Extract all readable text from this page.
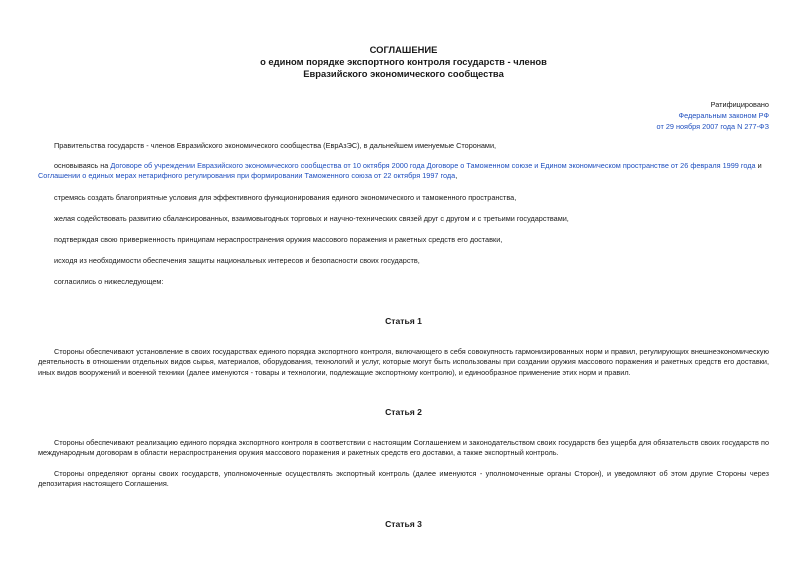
СОГЛАШЕНИЕ
о едином порядке экспортного контроля государств - членов
Евразийского экономического сообщества
Ратифицировано
Федеральным законом РФ
от 29 ноября 2007 года N 277-ФЗ
Правительства государств - членов Евразийского экономического сообщества (ЕврАзЭС), в дальнейшем именуемые Сторонами,
основываясь на Договоре об учреждении Евразийского экономического сообщества от 10 октября 2000 года Договоре о Таможенном союзе и Едином экономическом пространстве от 26 февраля 1999 года и Соглашении о единых мерах нетарифного регулирования при формировании Таможенного союза от 22 октября 1997 года,
стремясь создать благоприятные условия для эффективного функционирования единого экономического и таможенного пространства,
желая содействовать развитию сбалансированных, взаимовыгодных торговых и научно-технических связей друг с другом и с третьими государствами,
подтверждая свою приверженность принципам нераспространения оружия массового поражения и ракетных средств его доставки,
исходя из необходимости обеспечения защиты национальных интересов и безопасности своих государств,
согласились о нижеследующем:
Статья 1
Стороны обеспечивают установление в своих государствах единого порядка экспортного контроля, включающего в себя совокупность гармонизированных норм и правил, регулирующих внешнеэкономическую деятельность в отношении отдельных видов сырья, материалов, оборудования, технологий и услуг, которые могут быть использованы при создании оружия массового поражения и ракетных средств его доставки, иных видов вооружений и военной техники (далее именуются - товары и технологии, подлежащие экспортному контролю), и единообразное применение этих норм и правил.
Статья 2
Стороны обеспечивают реализацию единого порядка экспортного контроля в соответствии с настоящим Соглашением и законодательством своих государств без ущерба для обязательств своих государств по международным договорам в области нераспространения оружия массового поражения и ракетных средств его доставки, а также экспортный контроль.
Стороны определяют органы своих государств, уполномоченные осуществлять экспортный контроль (далее именуются - уполномоченные органы Сторон), и уведомляют об этом другие Стороны через депозитария настоящего Соглашения.
Статья 3
